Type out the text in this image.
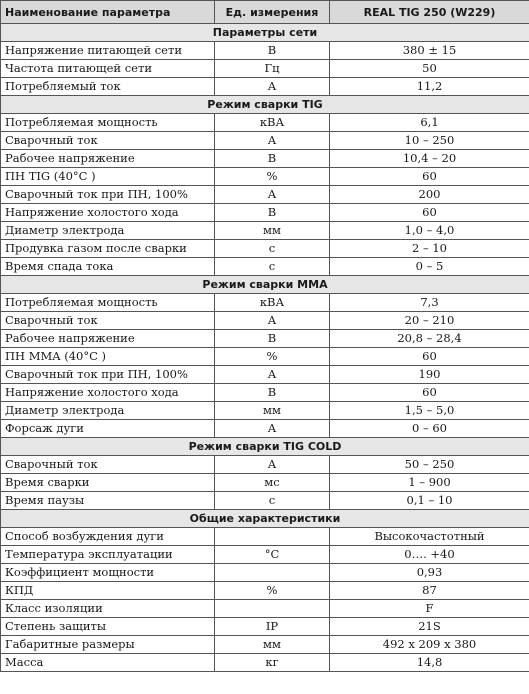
Наименование параметра	Ед. измерения	REAL TIG 250 (W229)
Параметры сети		
Напряжение питающей сети	В	380 ± 15
Частота питающей сети	Гц	50
Потребляемый ток	А	11,2
Режим сварки TIG		
Потребляемая мощность	кВА	6,1
Сварочный ток	А	10 – 250
Рабочее напряжение	В	10,4 – 20
ПН TIG (40°C )	%	60
Сварочный ток при ПН, 100%	А	200
Напряжение холостого хода	В	60
Диаметр электрода	мм	1,0 – 4,0
Продувка газом после сварки	с	2 – 10
Время спада тока	с	0 – 5
Режим сварки MMA		
Потребляемая мощность	кВА	7,3
Сварочный ток	А	20 – 210
Рабочее напряжение	В	20,8 – 28,4
ПН MMA (40°C )	%	60
Сварочный ток при ПН, 100%	А	190
Напряжение холостого хода	В	60
Диаметр электрода	мм	1,5 – 5,0
Форсаж дуги	А	0 – 60
Режим сварки TIG COLD		
Сварочный ток	А	50 – 250
Время сварки	мс	1 – 900
Время паузы	с	0,1 – 10
Общие характеристики		
Способ возбуждения дуги		Высокочастотный
Температура эксплуатации	°С	0…. +40
Коэффициент мощности		0,93
КПД	%	87
Класс изоляции		F
Степень защиты	IP	21S
Габаритные размеры	мм	492 x 209 x 380
Масса	кг	14,8
